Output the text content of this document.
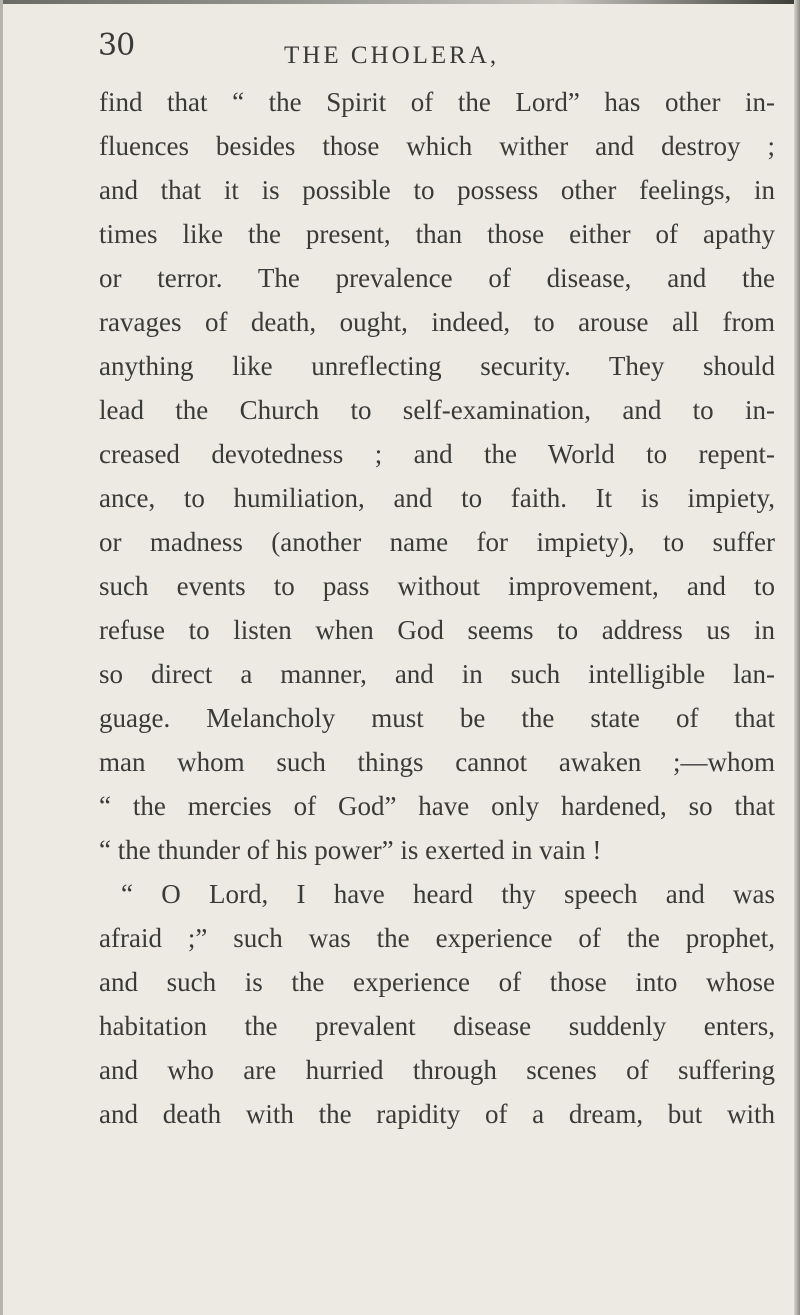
30	THE CHOLERA,
find that “ the Spirit of the Lord” has other in-
fluences besides those which wither and destroy ;
and that it is possible to possess other feelings, in
times like the present, than those either of apathy
or terror. The prevalence of disease, and the
ravages of death, ought, indeed, to arouse all from
anything like unreflecting security. They should
lead the Church to self-examination, and to in-
creased devotedness ; and the World to repent-
ance, to humiliation, and to faith. It is impiety,
or madness (another name for impiety), to suffer
such events to pass without improvement, and to
refuse to listen when God seems to address us in
so direct a manner, and in such intelligible lan-
guage. Melancholy must be the state of that
man whom such things cannot awaken ;—whom
“ the mercies of God” have only hardened, so that
“ the thunder of his power” is exerted in vain !
“ O Lord, I have heard thy speech and was
afraid ;” such was the experience of the prophet,
and such is the experience of those into whose
habitation the prevalent disease suddenly enters,
and who are hurried through scenes of suffering
and death with the rapidity of a dream, but with
